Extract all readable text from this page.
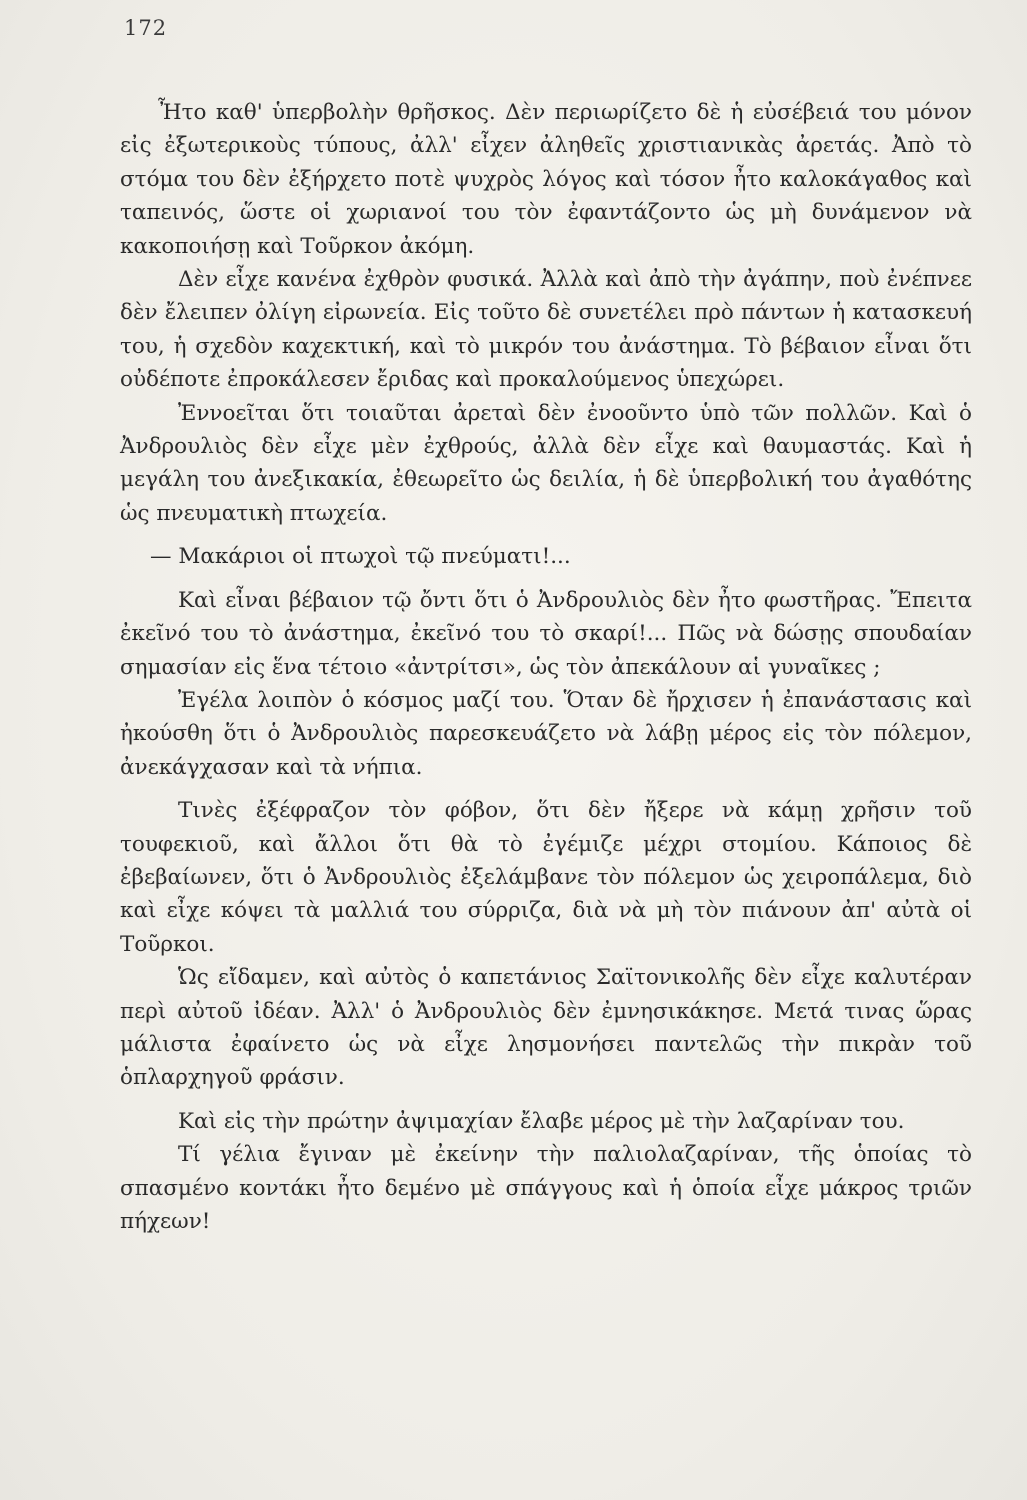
172

Ἦτο καθ' ὑπερβολὴν θρῆσκος. Δὲν περιωρίζετο δὲ ἡ εὐσέβειά του μόνον εἰς ἐξωτερικοὺς τύπους, ἀλλ' εἶχεν ἀληθεῖς χριστιανικὰς ἀρετάς. Ἀπὸ τὸ στόμα του δὲν ἐξήρχετο ποτὲ ψυχρὸς λόγος καὶ τόσον ἦτο καλοκάγαθος καὶ ταπεινός, ὥστε οἱ χωριανοί του τὸν ἐφαντάζοντο ὡς μὴ δυνάμενον νὰ κακοποιήσῃ καὶ Τοῦρκον ἀκόμη.

Δὲν εἶχε κανένα ἐχθρὸν φυσικά. Ἀλλὰ καὶ ἀπὸ τὴν ἀγάπην, ποὺ ἐνέπνεε δὲν ἔλειπεν ὀλίγη εἰρωνεία. Εἰς τοῦτο δὲ συνετέλει πρὸ πάντων ἡ κατασκευή του, ἡ σχεδὸν καχεκτική, καὶ τὸ μικρόν του ἀνάστημα. Τὸ βέβαιον εἶναι ὅτι οὐδέποτε ἐπροκάλεσεν ἔριδας καὶ προκαλούμενος ὑπεχώρει.

Ἐννοεῖται ὅτι τοιαῦται ἀρεταὶ δὲν ἐνοοῦντο ὑπὸ τῶν πολλῶν. Καὶ ὁ Ἀνδρουλιὸς δὲν εἶχε μὲν ἐχθρούς, ἀλλὰ δὲν εἶχε καὶ θαυμαστάς. Καὶ ἡ μεγάλη του ἀνεξικακία, ἐθεωρεῖτο ὡς δειλία, ἡ δὲ ὑπερβολική του ἀγαθότης ὡς πνευματικὴ πτωχεία.

— Μακάριοι οἱ πτωχοὶ τῷ πνεύματι!...

Καὶ εἶναι βέβαιον τῷ ὄντι ὅτι ὁ Ἀνδρουλιὸς δὲν ἦτο φωστῆρας. Ἔπειτα ἐκεῖνό του τὸ ἀνάστημα, ἐκεῖνό του τὸ σκαρί!... Πῶς νὰ δώσῃς σπουδαίαν σημασίαν εἰς ἕνα τέτοιο «ἀντρίτσι», ὡς τὸν ἀπεκάλουν αἱ γυναῖκες ;

Ἐγέλα λοιπὸν ὁ κόσμος μαζί του. Ὅταν δὲ ἤρχισεν ἡ ἐπανάστασις καὶ ἠκούσθη ὅτι ὁ Ἀνδρουλιὸς παρεσκευάζετο νὰ λάβῃ μέρος εἰς τὸν πόλεμον, ἀνεκάγχασαν καὶ τὰ νήπια.

Τινὲς ἐξέφραζον τὸν φόβον, ὅτι δὲν ἤξερε νὰ κάμῃ χρῆσιν τοῦ τουφεκιοῦ, καὶ ἄλλοι ὅτι θὰ τὸ ἐγέμιζε μέχρι στομίου. Κάποιος δὲ ἐβεβαίωνεν, ὅτι ὁ Ἀνδρουλιὸς ἐξελάμβανε τὸν πόλεμον ὡς χειροπάλεμα, διὸ καὶ εἶχε κόψει τὰ μαλλιά του σύρριζα, διὰ νὰ μὴ τὸν πιάνουν ἀπ' αὐτὰ οἱ Τοῦρκοι.

Ὡς εἴδαμεν, καὶ αὐτὸς ὁ καπετάνιος Σαϊτονικολῆς δὲν εἶχε καλυτέραν περὶ αὐτοῦ ἰδέαν. Ἀλλ' ὁ Ἀνδρουλιὸς δὲν ἐμνησικάκησε. Μετά τινας ὥρας μάλιστα ἐφαίνετο ὡς νὰ εἶχε λησμονήσει παντελῶς τὴν πικρὰν τοῦ ὁπλαρχηγοῦ φράσιν.

Καὶ εἰς τὴν πρώτην ἀψιμαχίαν ἔλαβε μέρος μὲ τὴν λαζαρίναν του.

Τί γέλια ἔγιναν μὲ ἐκείνην τὴν παλιολαζαρίναν, τῆς ὁποίας τὸ σπασμένο κοντάκι ἦτο δεμένο μὲ σπάγγους καὶ ἡ ὁποία εἶχε μάκρος τριῶν πήχεων!
